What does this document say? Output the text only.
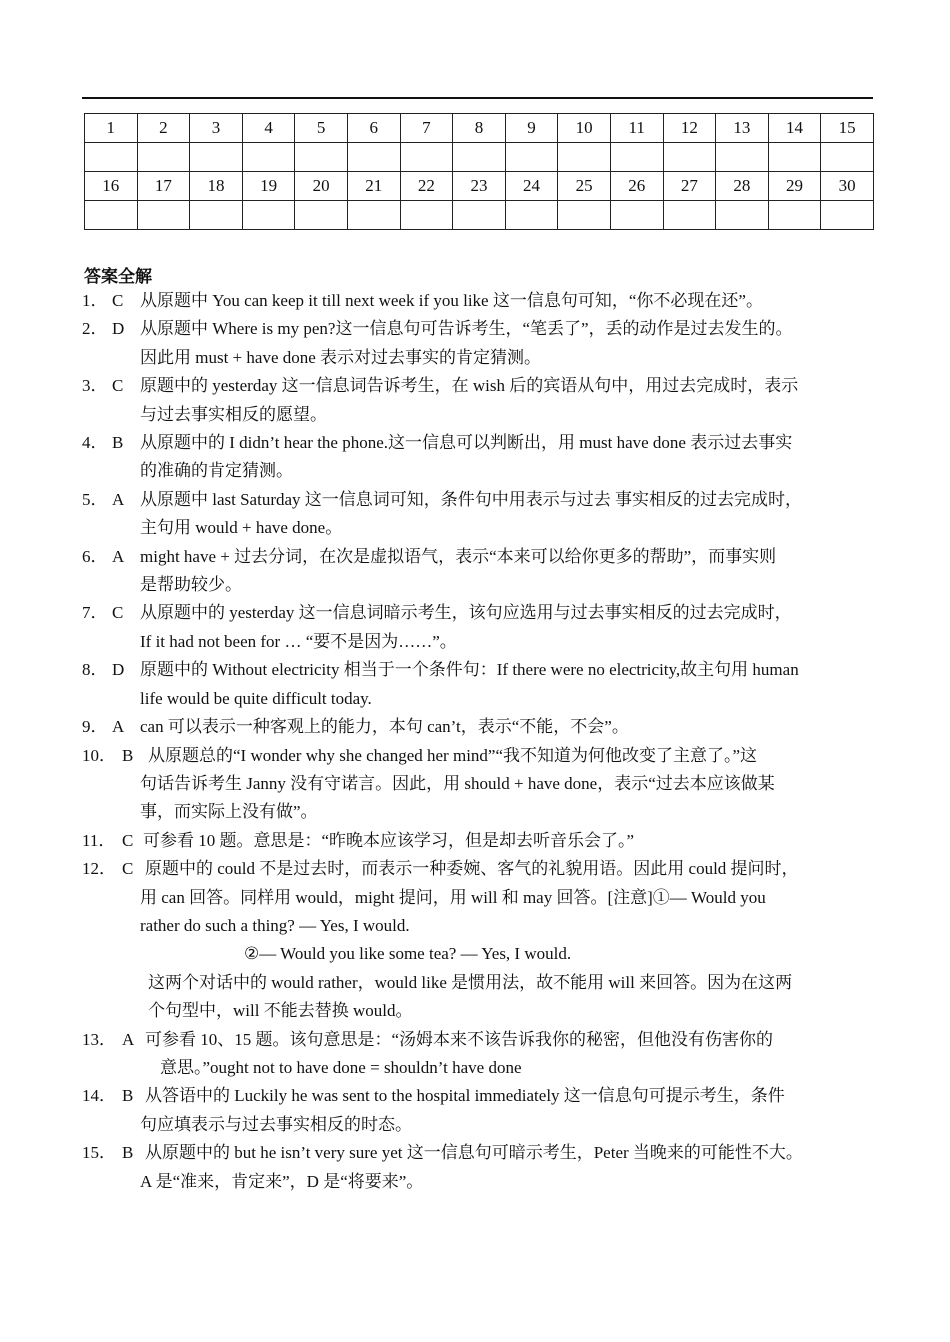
1	2	3	4	5	6	7	8	9	10	11	12	13	14	15

16	17	18	19	20	21	22	23	24	25	26	27	28	29	30

答案全解
1． C 从原题中 You can keep it till next week if you like 这一信息句可知，“你不必现在还”。
2． D 从原题中 Where is my pen?这一信息句可告诉考生，“笔丢了”，丢的动作是过去发生的。
因此用 must + have done 表示对过去事实的肯定猜测。
3． C 原题中的 yesterday 这一信息词告诉考生，在 wish 后的宾语从句中，用过去完成时，表示
与过去事实相反的愿望。
4． B 从原题中的 I didn’t hear the phone.这一信息可以判断出，用 must have done 表示过去事实
的准确的肯定猜测。
5． A 从原题中 last Saturday 这一信息词可知，条件句中用表示与过去 事实相反的过去完成时，
主句用 would + have done。
6． A might have + 过去分词，在次是虚拟语气，表示“本来可以给你更多的帮助”，而事实则
是帮助较少。
7． C 从原题中的 yesterday 这一信息词暗示考生，该句应选用与过去事实相反的过去完成时，
If it had not been for … “要不是因为……”。
8． D 原题中的 Without electricity 相当于一个条件句：If there were no electricity,故主句用 human
life would be quite difficult today.
9． A can 可以表示一种客观上的能力，本句 can’t，表示“不能，不会”。
10． B 从原题总的“I wonder why she changed her mind”“我不知道为何他改变了主意了。”这
句话告诉考生 Janny 没有守诺言。因此，用 should + have done，表示“过去本应该做某
事，而实际上没有做”。
11． C 可参看 10 题。意思是：“昨晚本应该学习，但是却去听音乐会了。”
12． C 原题中的 could 不是过去时，而表示一种委婉、客气的礼貌用语。因此用 could 提问时，
用 can 回答。同样用 would，might 提问，用 will 和 may 回答。[注意]①— Would you
rather do such a thing? — Yes, I would.
②— Would you like some tea? — Yes, I would.
这两个对话中的 would rather，would like 是惯用法，故不能用 will 来回答。因为在这两
个句型中，will 不能去替换 would。
13． A 可参看 10、15 题。该句意思是：“汤姆本来不该告诉我你的秘密，但他没有伤害你的
意思。”ought not to have done = shouldn’t have done
14． B 从答语中的 Luckily he was sent to the hospital immediately 这一信息句可提示考生，条件
句应填表示与过去事实相反的时态。
15． B 从原题中的 but he isn’t very sure yet 这一信息句可暗示考生，Peter 当晚来的可能性不大。
A 是“准来，肯定来”，D 是“将要来”。
